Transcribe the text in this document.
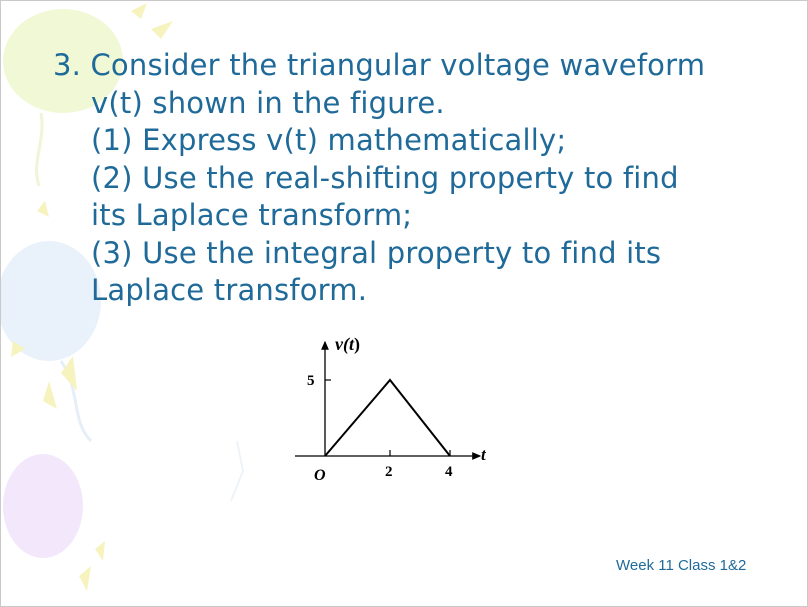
3. Consider the triangular voltage waveform
v(t) shown in the figure.
(1) Express v(t) mathematically;
(2) Use the real-shifting property to find
its Laplace transform;
(3) Use the integral property to find its
Laplace transform.
v(t)
5
O	2	4
t
Week 11 Class 1&2
